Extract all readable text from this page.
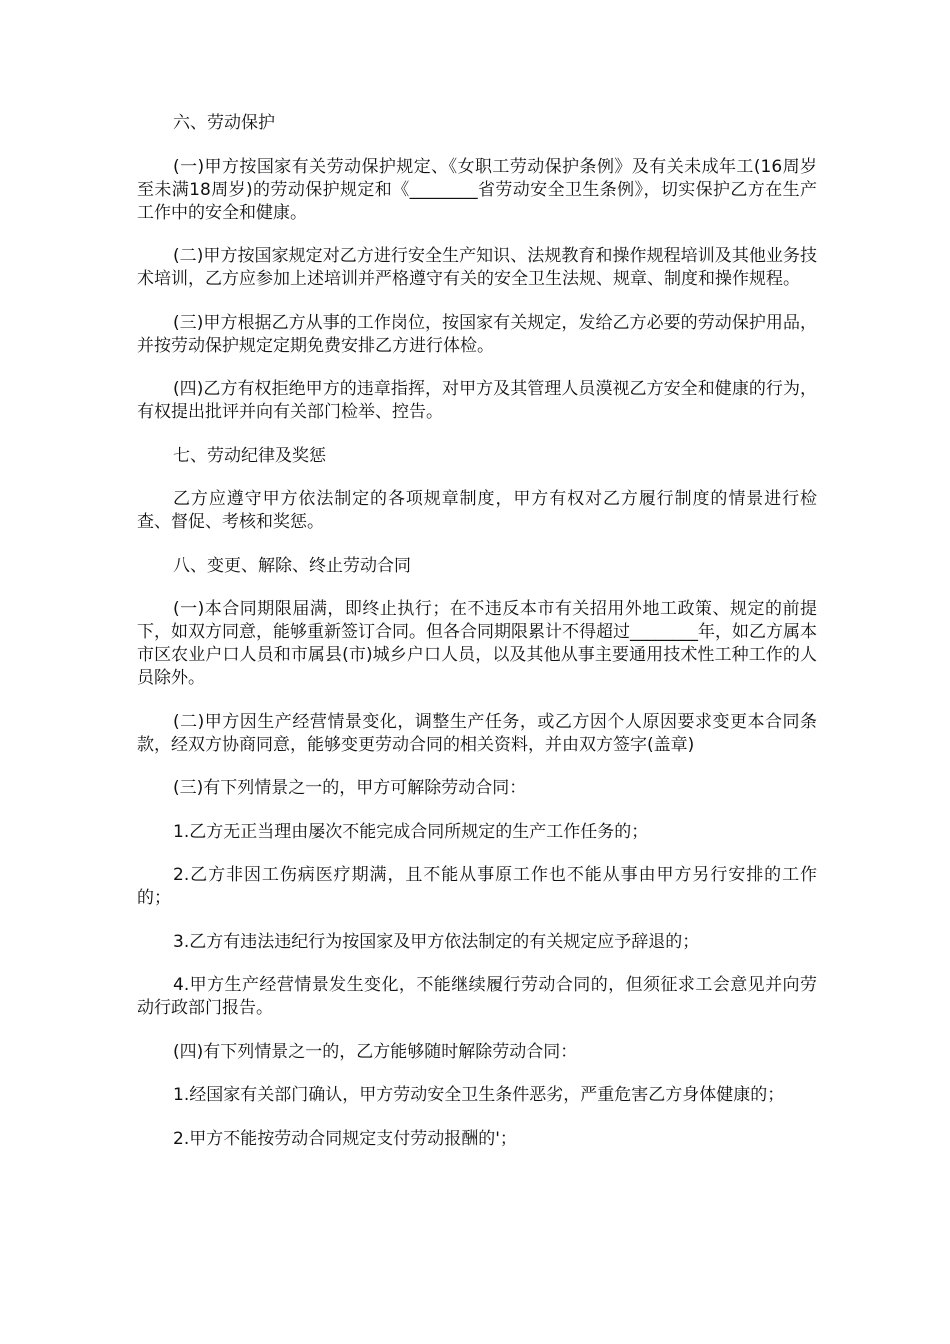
六、劳动保护

(一)甲方按国家有关劳动保护规定、《女职工劳动保护条例》及有关未成年工(16周岁至未满18周岁)的劳动保护规定和《________省劳动安全卫生条例》，切实保护乙方在生产工作中的安全和健康。

(二)甲方按国家规定对乙方进行安全生产知识、法规教育和操作规程培训及其他业务技术培训，乙方应参加上述培训并严格遵守有关的安全卫生法规、规章、制度和操作规程。

(三)甲方根据乙方从事的工作岗位，按国家有关规定，发给乙方必要的劳动保护用品，并按劳动保护规定定期免费安排乙方进行体检。

(四)乙方有权拒绝甲方的违章指挥，对甲方及其管理人员漠视乙方安全和健康的行为，有权提出批评并向有关部门检举、控告。

七、劳动纪律及奖惩

乙方应遵守甲方依法制定的各项规章制度，甲方有权对乙方履行制度的情景进行检查、督促、考核和奖惩。

八、变更、解除、终止劳动合同

(一)本合同期限届满，即终止执行；在不违反本市有关招用外地工政策、规定的前提下，如双方同意，能够重新签订合同。但各合同期限累计不得超过________年，如乙方属本市区农业户口人员和市属县(市)城乡户口人员，以及其他从事主要通用技术性工种工作的人员除外。

(二)甲方因生产经营情景变化，调整生产任务，或乙方因个人原因要求变更本合同条款，经双方协商同意，能够变更劳动合同的相关资料，并由双方签字(盖章)

(三)有下列情景之一的，甲方可解除劳动合同：

1.乙方无正当理由屡次不能完成合同所规定的生产工作任务的；

2.乙方非因工伤病医疗期满，且不能从事原工作也不能从事由甲方另行安排的工作的；

3.乙方有违法违纪行为按国家及甲方依法制定的有关规定应予辞退的；

4.甲方生产经营情景发生变化，不能继续履行劳动合同的，但须征求工会意见并向劳动行政部门报告。

(四)有下列情景之一的，乙方能够随时解除劳动合同：

1.经国家有关部门确认，甲方劳动安全卫生条件恶劣，严重危害乙方身体健康的；

2.甲方不能按劳动合同规定支付劳动报酬的'；
